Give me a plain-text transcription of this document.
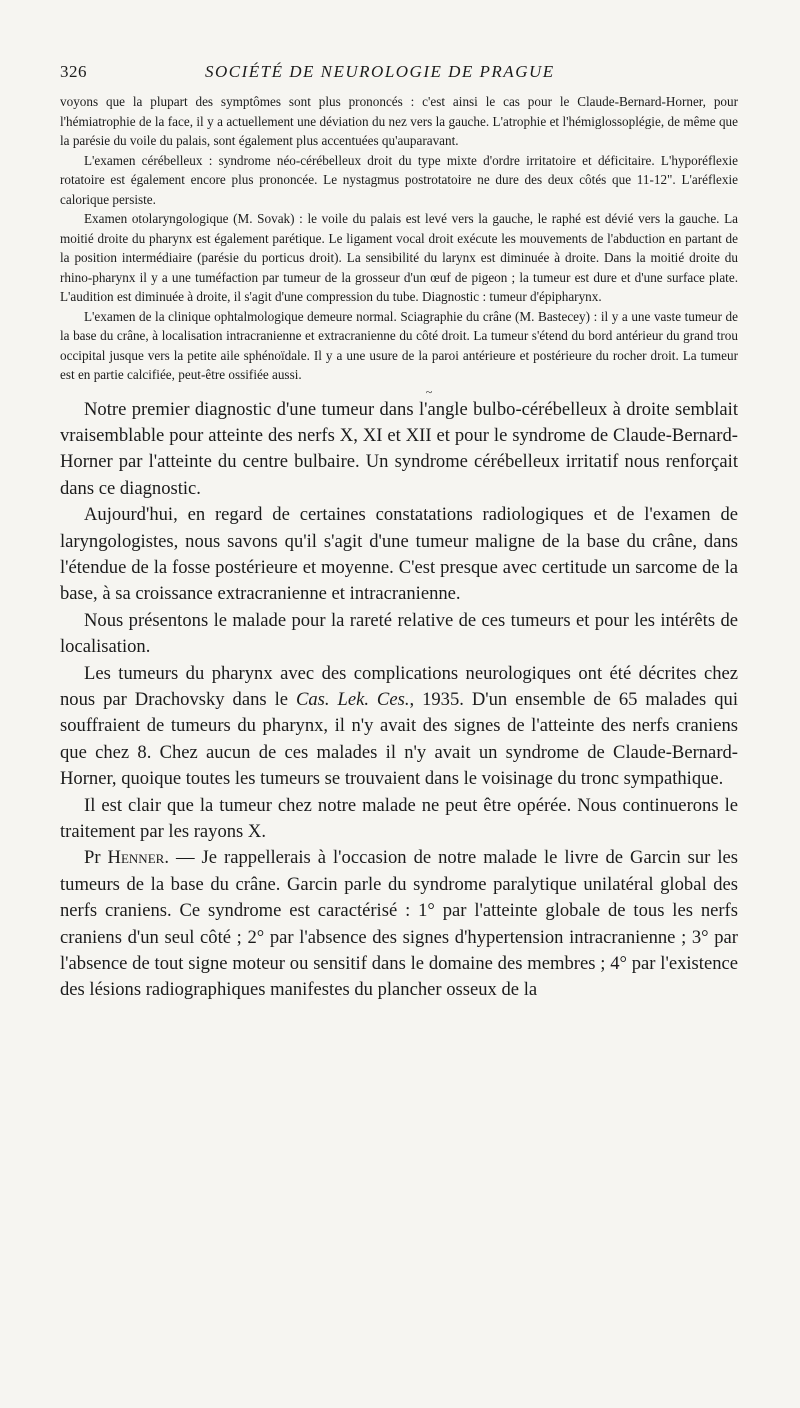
326	SOCIÉTÉ DE NEUROLOGIE DE PRAGUE

voyons que la plupart des symptômes sont plus prononcés : c'est ainsi le cas pour le Claude-Bernard-Horner, pour l'hémiatrophie de la face, il y a actuellement une déviation du nez vers la gauche. L'atrophie et l'hémiglossoplégie, de même que la parésie du voile du palais, sont également plus accentuées qu'auparavant.

L'examen cérébelleux : syndrome néo-cérébelleux droit du type mixte d'ordre irritatoire et déficitaire. L'hyporéflexie rotatoire est également encore plus prononcée. Le nystagmus postrotatoire ne dure des deux côtés que 11-12". L'aréflexie calorique persiste.

Examen otolaryngologique (M. Sovak) : le voile du palais est levé vers la gauche, le raphé est dévié vers la gauche. La moitié droite du pharynx est également parétique. Le ligament vocal droit exécute les mouvements de l'abduction en partant de la position intermédiaire (parésie du porticus droit). La sensibilité du larynx est diminuée à droite. Dans la moitié droite du rhino-pharynx il y a une tuméfaction par tumeur de la grosseur d'un œuf de pigeon ; la tumeur est dure et d'une surface plate. L'audition est diminuée à droite, il s'agit d'une compression du tube. Diagnostic : tumeur d'épipharynx.

L'examen de la clinique ophtalmologique demeure normal. Sciagraphie du crâne (M. Bastecey) : il y a une vaste tumeur de la base du crâne, à localisation intracranienne et extracranienne du côté droit. La tumeur s'étend du bord antérieur du grand trou occipital jusque vers la petite aile sphénoïdale. Il y a une usure de la paroi antérieure et postérieure du rocher droit. La tumeur est en partie calcifiée, peut-être ossifiée aussi.

~

Notre premier diagnostic d'une tumeur dans l'angle bulbo-cérébelleux à droite semblait vraisemblable pour atteinte des nerfs X, XI et XII et pour le syndrome de Claude-Bernard-Horner par l'atteinte du centre bulbaire. Un syndrome cérébelleux irritatif nous renforçait dans ce diagnostic.

Aujourd'hui, en regard de certaines constatations radiologiques et de l'examen de laryngologistes, nous savons qu'il s'agit d'une tumeur maligne de la base du crâne, dans l'étendue de la fosse postérieure et moyenne. C'est presque avec certitude un sarcome de la base, à sa croissance extracranienne et intracranienne.

Nous présentons le malade pour la rareté relative de ces tumeurs et pour les intérêts de localisation.

Les tumeurs du pharynx avec des complications neurologiques ont été décrites chez nous par Drachovsky dans le Cas. Lek. Ces., 1935. D'un ensemble de 65 malades qui souffraient de tumeurs du pharynx, il n'y avait des signes de l'atteinte des nerfs craniens que chez 8. Chez aucun de ces malades il n'y avait un syndrome de Claude-Bernard-Horner, quoique toutes les tumeurs se trouvaient dans le voisinage du tronc sympathique.

Il est clair que la tumeur chez notre malade ne peut être opérée. Nous continuerons le traitement par les rayons X.

Pr Henner. — Je rappellerais à l'occasion de notre malade le livre de Garcin sur les tumeurs de la base du crâne. Garcin parle du syndrome paralytique unilatéral global des nerfs craniens. Ce syndrome est caractérisé : 1° par l'atteinte globale de tous les nerfs craniens d'un seul côté ; 2° par l'absence des signes d'hypertension intracranienne ; 3° par l'absence de tout signe moteur ou sensitif dans le domaine des membres ; 4° par l'existence des lésions radiographiques manifestes du plancher osseux de la
